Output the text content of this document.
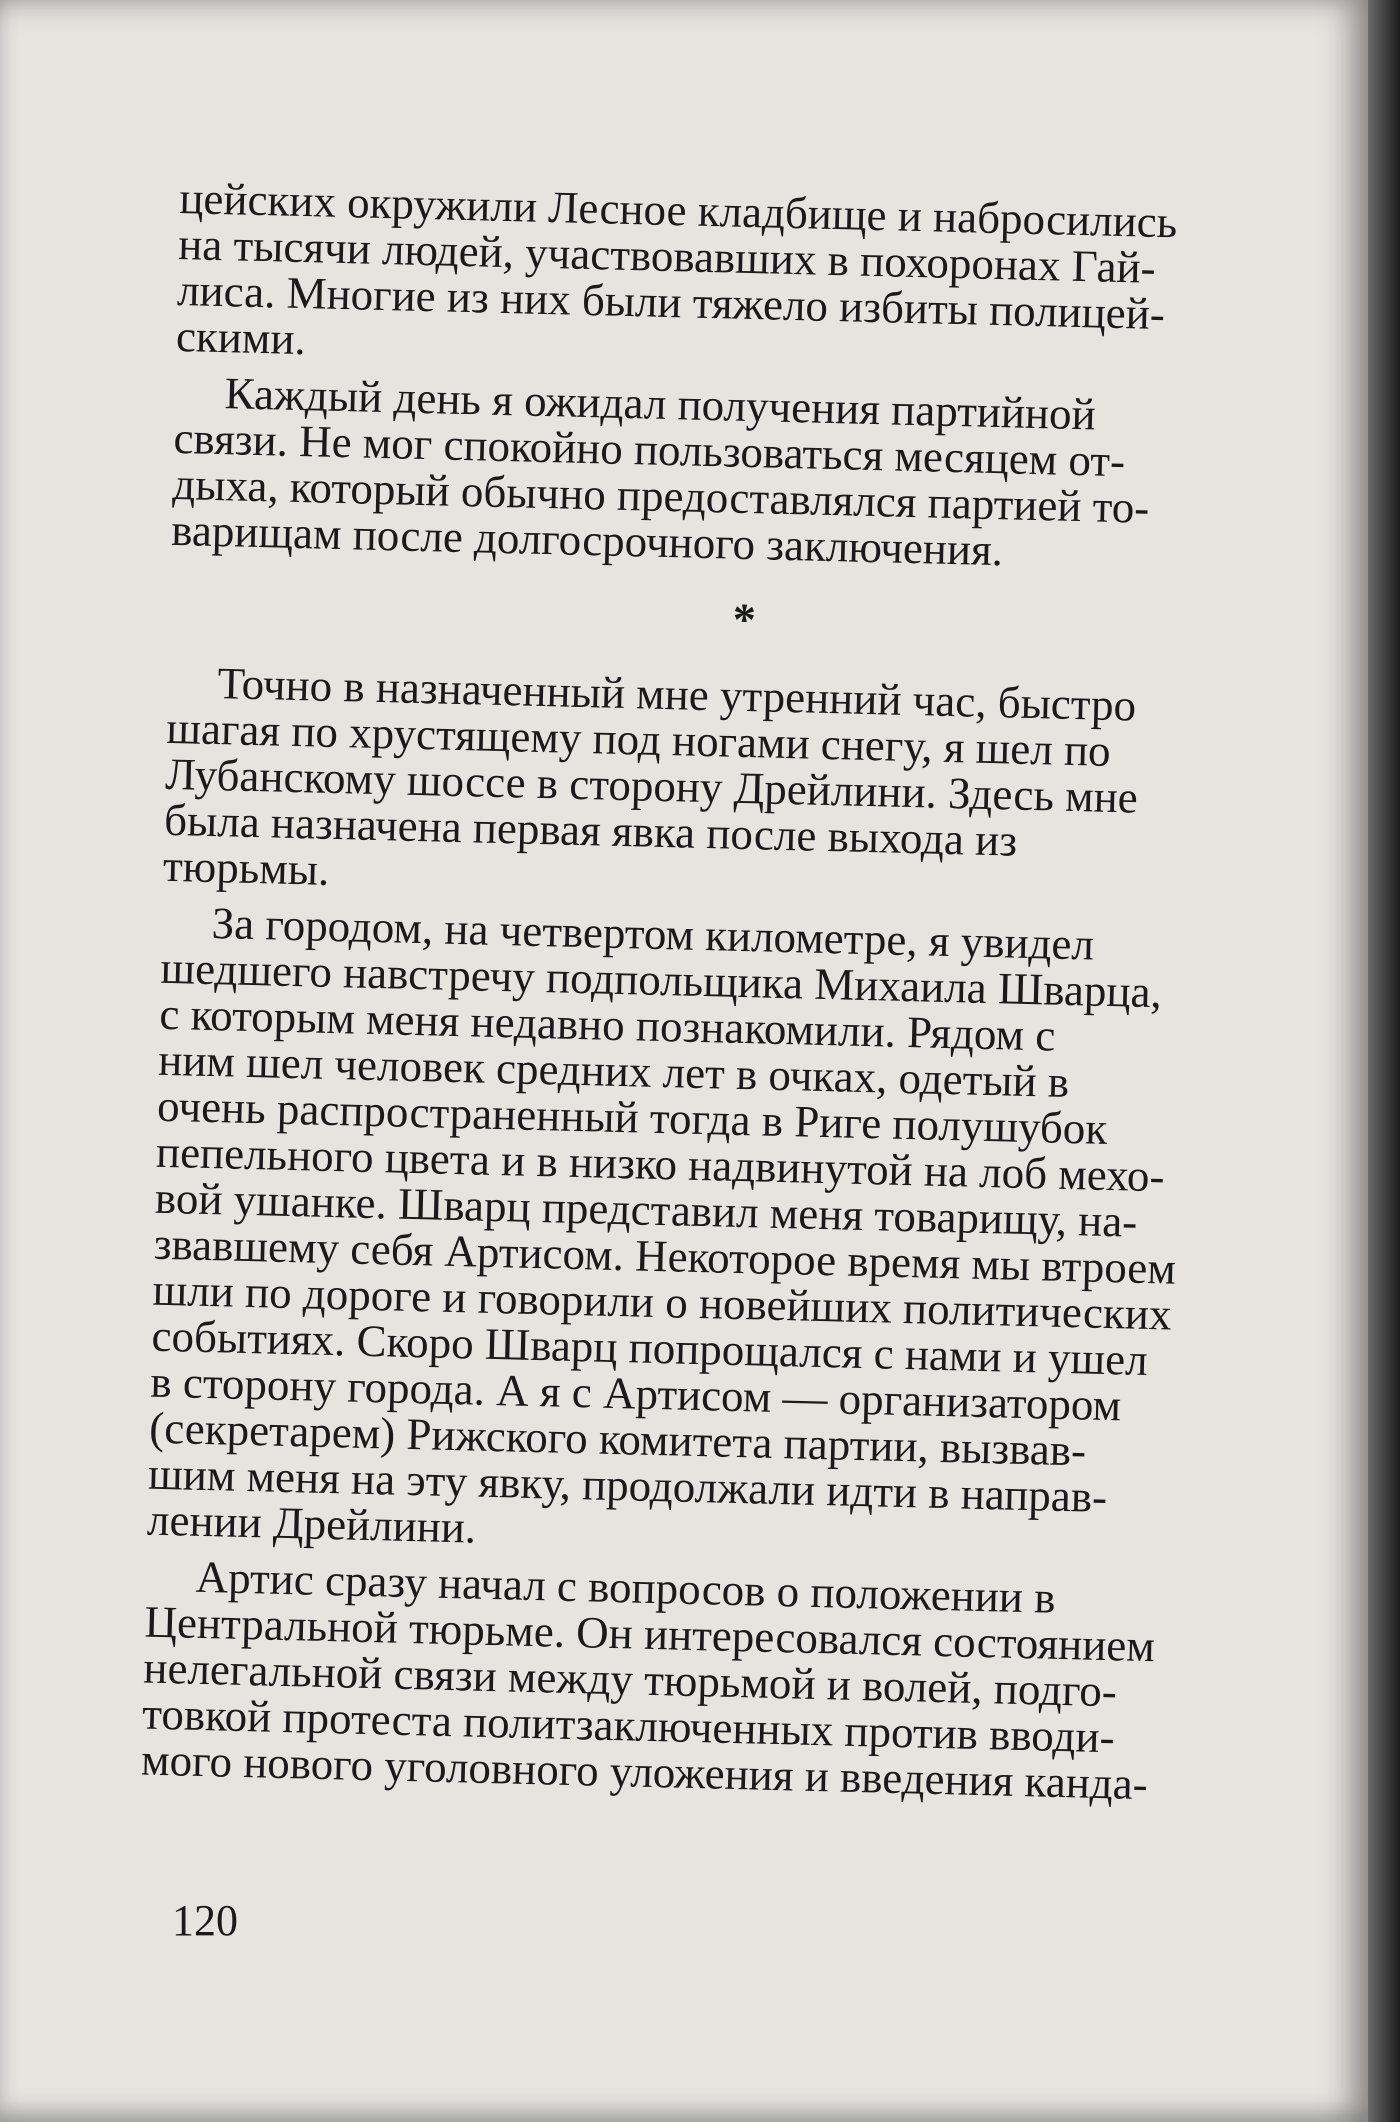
цейских окружили Лесное кладбище и набросились
на тысячи людей, участвовавших в похоронах Гай-
лиса. Многие из них были тяжело избиты полицей-
скими.

Каждый день я ожидал получения партийной
связи. Не мог спокойно пользоваться месяцем от-
дыха, который обычно предоставлялся партией то-
варищам после долгосрочного заключения.

*

Точно в назначенный мне утренний час, быстро
шагая по хрустящему под ногами снегу, я шел по
Лубанскому шоссе в сторону Дрейлини. Здесь мне
была назначена первая явка после выхода из
тюрьмы.

За городом, на четвертом километре, я увидел
шедшего навстречу подпольщика Михаила Шварца,
с которым меня недавно познакомили. Рядом с
ним шел человек средних лет в очках, одетый в
очень распространенный тогда в Риге полушубок
пепельного цвета и в низко надвинутой на лоб мехо-
вой ушанке. Шварц представил меня товарищу, на-
звавшему себя Артисом. Некоторое время мы втроем
шли по дороге и говорили о новейших политических
событиях. Скоро Шварц попрощался с нами и ушел
в сторону города. А я с Артисом — организатором
(секретарем) Рижского комитета партии, вызвав-
шим меня на эту явку, продолжали идти в направ-
лении Дрейлини.

Артис сразу начал с вопросов о положении в
Центральной тюрьме. Он интересовался состоянием
нелегальной связи между тюрьмой и волей, подго-
товкой протеста политзаключенных против вводи-
мого нового уголовного уложения и введения канда-

120
